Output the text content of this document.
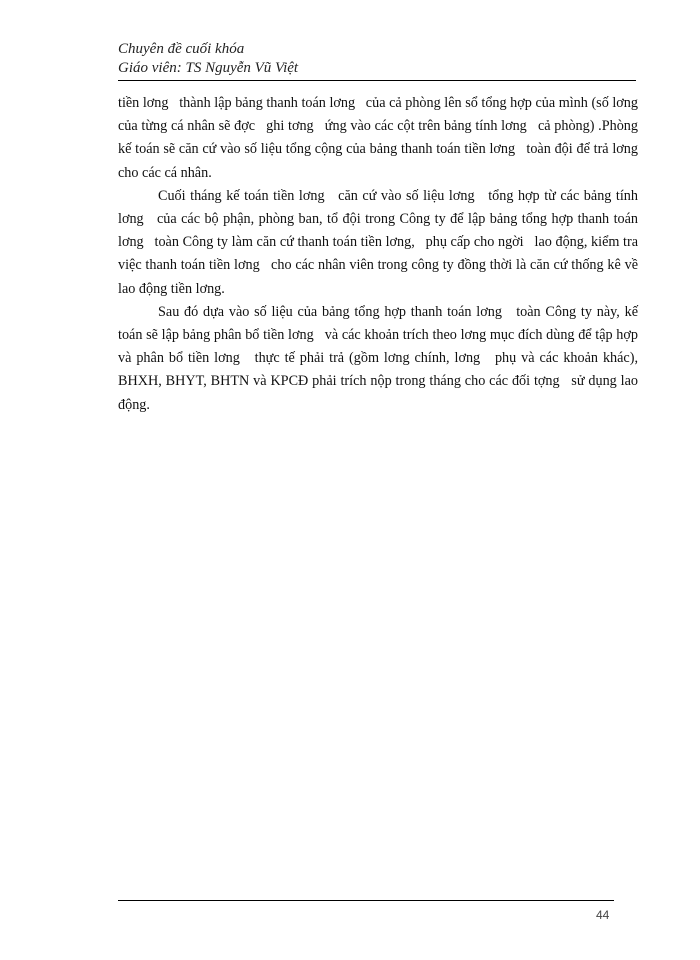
Chuyên đề cuối khóa
Giáo viên: TS Nguyễn Vũ Việt

tiền lơng   thành lập bảng thanh toán lơng   của cả phòng lên sổ tổng hợp của mình (số lơng   của từng cá nhân sẽ đợc   ghi tơng   ứng vào các cột trên bảng tính lơng   cả phòng) .Phòng kế toán sẽ căn cứ vào số liệu tổng cộng của bảng thanh toán tiền lơng   toàn đội để trả lơng   cho các cá nhân.

Cuối tháng kế toán tiền lơng   căn cứ vào số liệu lơng   tổng hợp từ các bảng tính lơng   của các bộ phận, phòng ban, tổ đội trong Công ty để lập bảng tổng hợp thanh toán lơng   toàn Công ty làm căn cứ thanh toán tiền lơng,   phụ cấp cho ngời   lao động, kiểm tra việc thanh toán tiền lơng   cho các nhân viên trong công ty đồng thời là căn cứ thống kê về lao động tiền lơng.

Sau đó dựa vào số liệu của bảng tổng hợp thanh toán lơng   toàn Công ty này, kế toán sẽ lập bảng phân bổ tiền lơng   và các khoản trích theo lơng mục đích dùng để tập hợp và phân bổ tiền lơng   thực tế phải trả (gồm lơng chính, lơng   phụ và các khoản khác), BHXH, BHYT, BHTN và KPCĐ phải trích nộp trong tháng cho các đối tợng   sử dụng lao động.

44
